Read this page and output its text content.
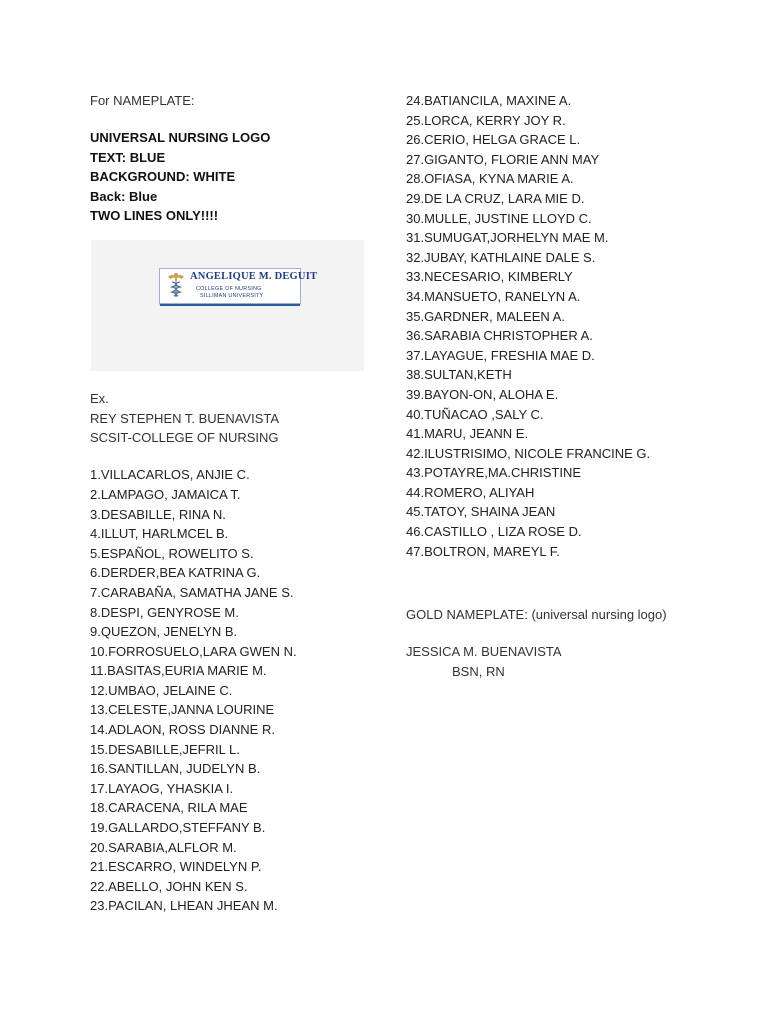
For NAMEPLATE:
UNIVERSAL NURSING LOGO
TEXT: BLUE
BACKGROUND: WHITE
Back: Blue
TWO LINES ONLY!!!!
ANGELIQUE M. DEGUIT
COLLEGE OF NURSING
SILLIMAN UNIVERSITY
Ex.
REY STEPHEN T. BUENAVISTA
SCSIT-COLLEGE OF NURSING
1.VILLACARLOS, ANJIE C.
2.LAMPAGO, JAMAICA T.
3.DESABILLE, RINA N.
4.ILLUT, HARLMCEL B.
5.ESPAÑOL, ROWELITO S.
6.DERDER,BEA KATRINA G.
7.CARABAÑA, SAMATHA JANE S.
8.DESPI, GENYROSE M.
9.QUEZON, JENELYN B.
10.FORROSUELO,LARA GWEN N.
11.BASITAS,EURIA MARIE M.
12.UMBAO, JELAINE C.
13.CELESTE,JANNA LOURINE
14.ADLAON, ROSS DIANNE R.
15.DESABILLE,JEFRIL L.
16.SANTILLAN, JUDELYN B.
17.LAYAOG, YHASKIA I.
18.CARACENA, RILA MAE
19.GALLARDO,STEFFANY B.
20.SARABIA,ALFLOR M.
21.ESCARRO, WINDELYN P.
22.ABELLO, JOHN KEN S.
23.PACILAN, LHEAN JHEAN M.
24.BATIANCILA, MAXINE A.
25.LORCA, KERRY JOY R.
26.CERIO, HELGA GRACE L.
27.GIGANTO, FLORIE ANN MAY
28.OFIASA, KYNA MARIE A.
29.DE LA CRUZ, LARA MIE D.
30.MULLE, JUSTINE LLOYD C.
31.SUMUGAT,JORHELYN MAE M.
32.JUBAY, KATHLAINE DALE S.
33.NECESARIO, KIMBERLY
34.MANSUETO, RANELYN A.
35.GARDNER, MALEEN A.
36.SARABIA CHRISTOPHER A.
37.LAYAGUE, FRESHIA MAE D.
38.SULTAN,KETH
39.BAYON-ON, ALOHA E.
40.TUÑACAO ,SALY C.
41.MARU, JEANN E.
42.ILUSTRISIMO, NICOLE FRANCINE G.
43.POTAYRE,MA.CHRISTINE
44.ROMERO, ALIYAH
45.TATOY, SHAINA JEAN
46.CASTILLO , LIZA ROSE D.
47.BOLTRON, MAREYL F.
GOLD NAMEPLATE: (universal nursing logo)
JESSICA M. BUENAVISTA
BSN, RN
